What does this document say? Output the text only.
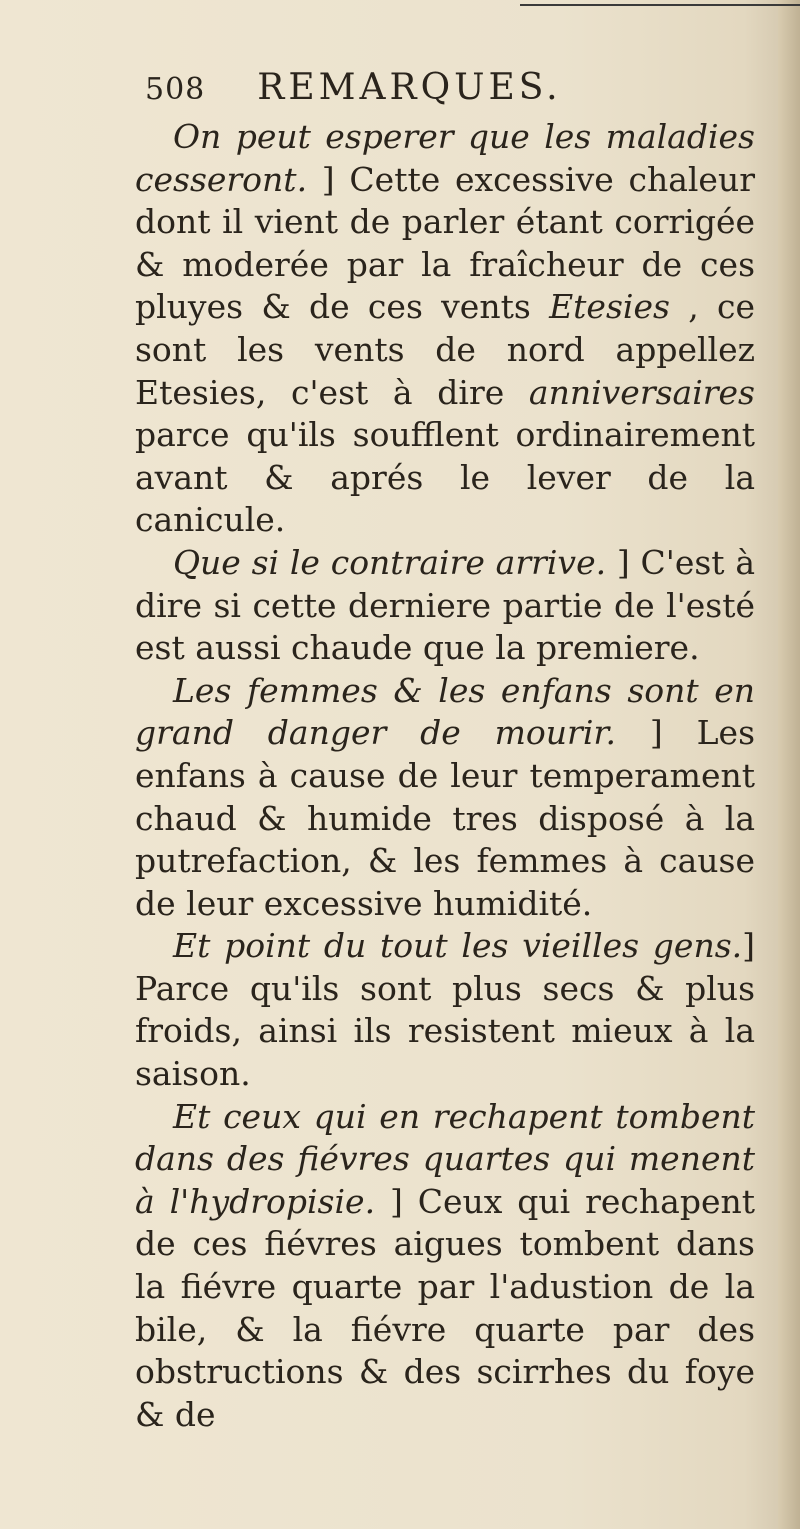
508 REMARQUES.

On peut esperer que les maladies cesseront. ] Cette excessive chaleur dont il vient de parler étant corrigée & moderée par la fraîcheur de ces pluyes & de ces vents Etesies , ce sont les vents de nord appellez Etesies, c'est à dire anniversaires parce qu'ils soufflent ordinairement avant & aprés le lever de la canicule.

Que si le contraire arrive. ] C'est à dire si cette derniere partie de l'esté est aussi chaude que la premiere.

Les femmes & les enfans sont en grand danger de mourir. ] Les enfans à cause de leur temperament chaud & humide tres disposé à la putrefaction, & les femmes à cause de leur excessive humidité.

Et point du tout les vieilles gens.] Parce qu'ils sont plus secs & plus froids, ainsi ils resistent mieux à la saison.

Et ceux qui en rechapent tombent dans des fiévres quartes qui menent à l'hydropisie. ] Ceux qui rechapent de ces fiévres aigues tombent dans la fiévre quarte par l'adustion de la bile, & la fiévre quarte par des obstructions & des scirrhes du foye & de
